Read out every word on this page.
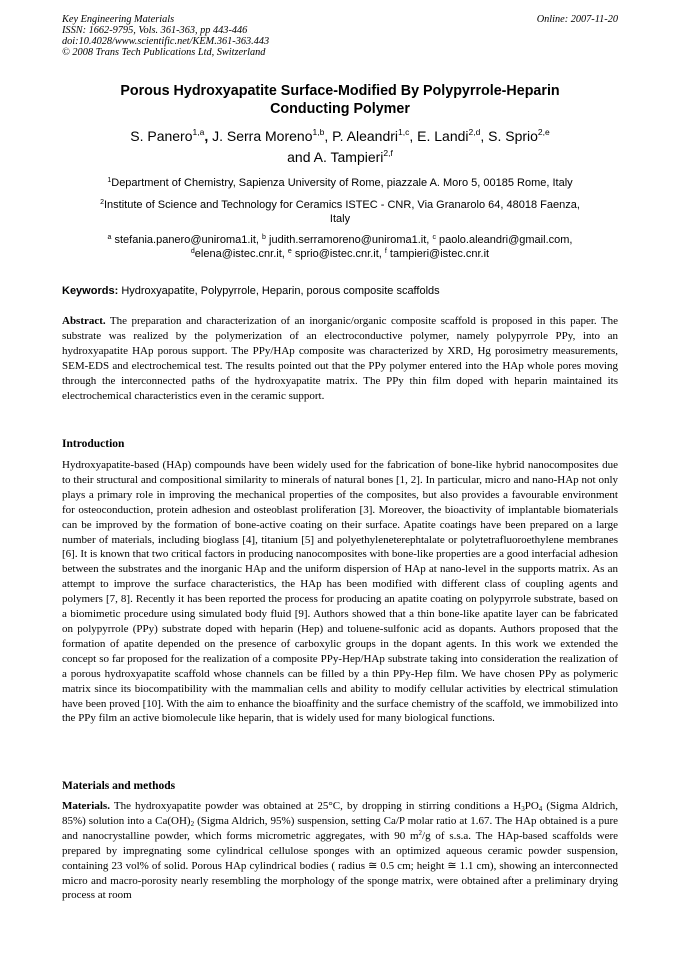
Key Engineering Materials
ISSN: 1662-9795, Vols. 361-363, pp 443-446
doi:10.4028/www.scientific.net/KEM.361-363.443
© 2008 Trans Tech Publications Ltd, Switzerland
Online: 2007-11-20
Porous Hydroxyapatite Surface-Modified By Polypyrrole-Heparin
Conducting Polymer
S. Panero$^{1,a}$, J. Serra Moreno$^{1,b}$, P. Aleandri$^{1,c}$, E. Landi$^{2,d}$, S. Sprio$^{2,e}$
and A. Tampieri$^{2,f}$
$^1$Department of Chemistry, Sapienza University of Rome, piazzale A. Moro 5, 00185 Rome, Italy
$^2$Institute of Science and Technology for Ceramics ISTEC - CNR, Via Granarolo 64, 48018 Faenza,
Italy
$^a$ stefania.panero@uniroma1.it, $^b$ judith.serramoreno@uniroma1.it, $^c$ paolo.aleandri@gmail.com,
$^d$elena@istec.cnr.it, $^e$ sprio@istec.cnr.it, $^f$ tampieri@istec.cnr.it
Keywords: Hydroxyapatite, Polypyrrole, Heparin, porous composite scaffolds
Abstract. The preparation and characterization of an inorganic/organic composite scaffold is proposed in this paper. The substrate was realized by the polymerization of an electroconductive polymer, namely polypyrrole PPy, into an hydroxyapatite HAp porous support. The PPy/HAp composite was characterized by XRD, Hg porosimetry measurements, SEM-EDS and electrochemical test. The results pointed out that the PPy polymer entered into the HAp whole pores moving through the interconnected paths of the hydroxyapatite matrix. The PPy thin film doped with heparin maintained its electrochemical characteristics even in the ceramic support.
Introduction
Hydroxyapatite-based (HAp) compounds have been widely used for the fabrication of bone-like hybrid nanocomposites due to their structural and compositional similarity to minerals of natural bones [1, 2]. In particular, micro and nano-HAp not only plays a primary role in improving the mechanical properties of the composites, but also provides a favourable environment for osteoconduction, protein adhesion and osteoblast proliferation [3]. Moreover, the bioactivity of implantable biomaterials can be improved by the formation of bone-active coating on their surface. Apatite coatings have been prepared on a large number of materials, including bioglass [4], titanium [5] and polyethyleneterephtalate or polytetrafluoroethylene membranes [6]. It is known that two critical factors in producing nanocomposites with bone-like properties are a good interfacial adhesion between the substrates and the inorganic HAp and the uniform dispersion of HAp at nano-level in the supports matrix. As an attempt to improve the surface characteristics, the HAp has been modified with different class of coupling agents and polymers [7, 8]. Recently it has been reported the process for producing an apatite coating on polypyrrole substrate, based on a biomimetic procedure using simulated body fluid [9]. Authors showed that a thin bone-like apatite layer can be fabricated on polypyrrole (PPy) substrate doped with heparin (Hep) and toluene-sulfonic acid as dopants. Authors proposed that the formation of apatite depended on the presence of carboxylic groups in the dopant agents. In this work we extended the concept so far proposed for the realization of a composite PPy-Hep/HAp substrate taking into consideration the realization of a porous hydroxyapatite scaffold whose channels can be filled by a thin PPy-Hep film. We have chosen PPy as polymeric matrix since its biocompatibility with the mammalian cells and ability to modify cellular activities by electrical stimulation have been proved [10]. With the aim to enhance the bioaffinity and the surface chemistry of the scaffold, we immobilized into the PPy film an active biomolecule like heparin, that is widely used for many biological functions.
Materials and methods
Materials. The hydroxyapatite powder was obtained at 25°C, by dropping in stirring conditions a $H_3PO_4$ (Sigma Aldrich, 85%) solution into a $Ca(OH)_2$ (Sigma Aldrich, 95%) suspension, setting Ca/P molar ratio at 1.67. The HAp obtained is a pure and nanocrystalline powder, which forms micrometric aggregates, with 90 $m^2/g$ of s.s.a. The HAp-based scaffolds were prepared by impregnating some cylindrical cellulose sponges with an optimized aqueous ceramic powder suspension, containing 23 vol% of solid. Porous HAp cylindrical bodies ( radius ≅ 0.5 cm; height ≅ 1.1 cm), showing an interconnected micro and macro-porosity nearly resembling the morphology of the sponge matrix, were obtained after a preliminary drying process at room
